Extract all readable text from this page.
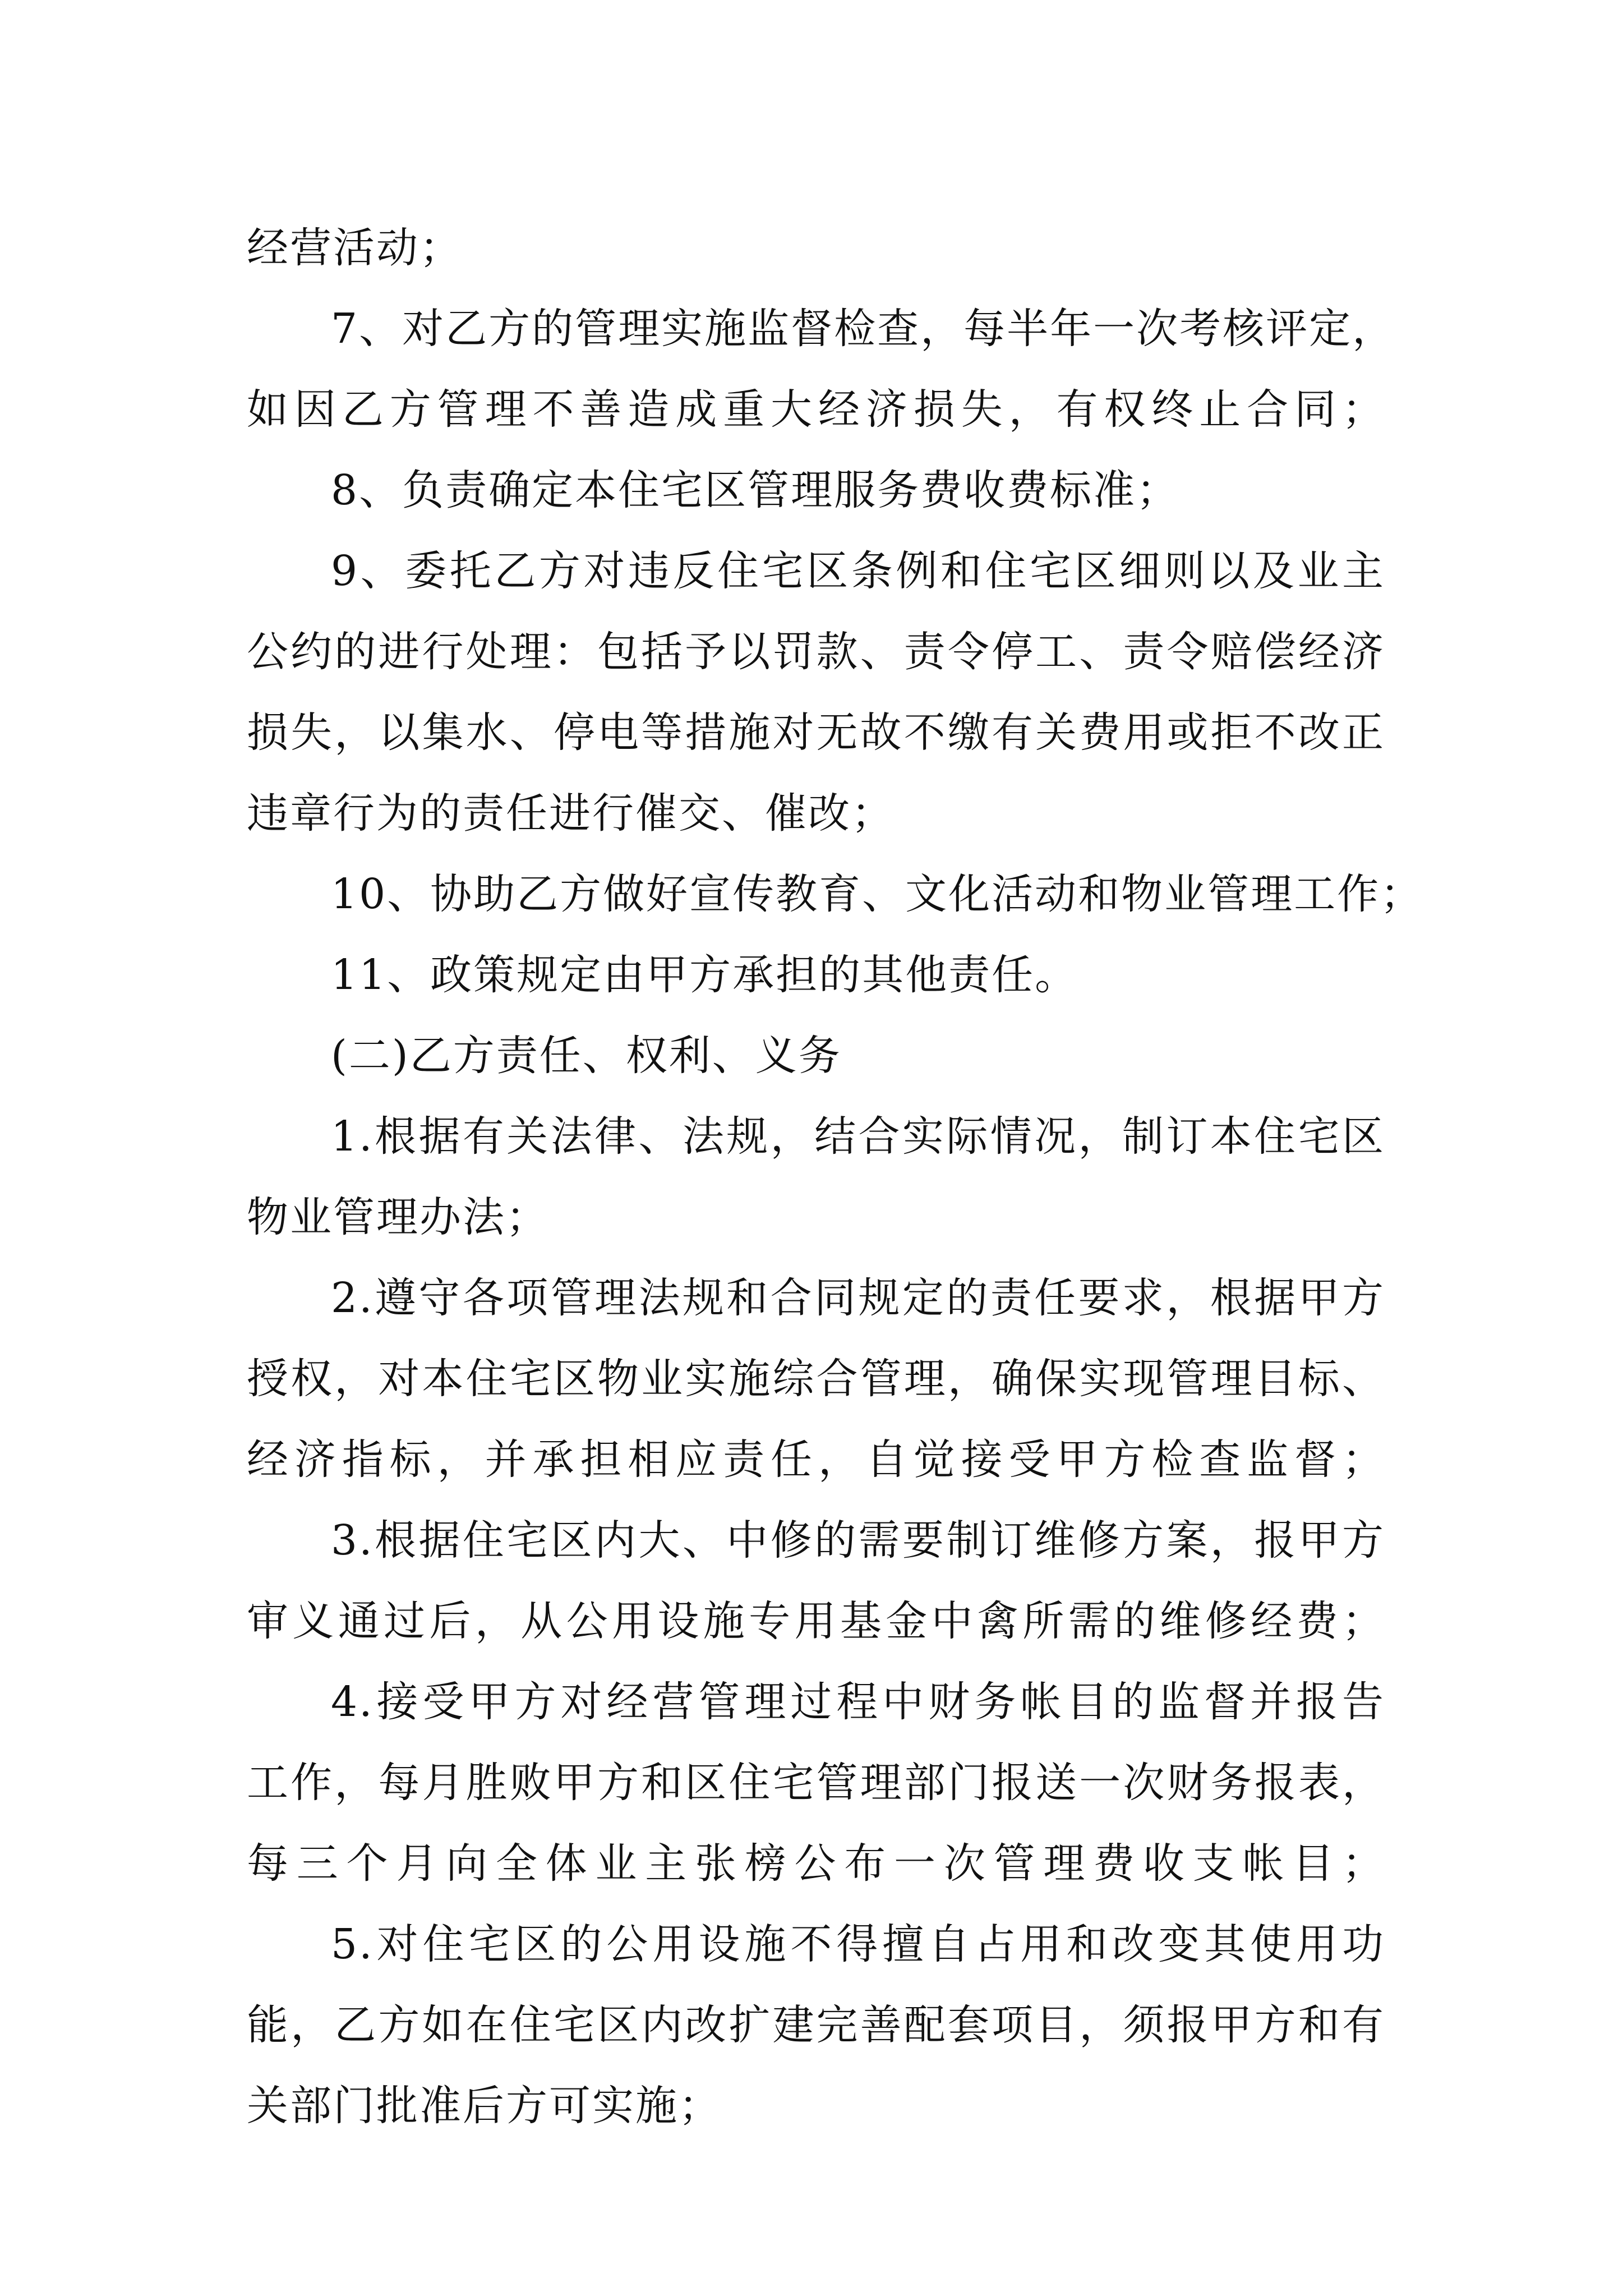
经营活动；
7、对乙方的管理实施监督检查，每半年一次考核评定，
如因乙方管理不善造成重大经济损失，有权终止合同；
8、负责确定本住宅区管理服务费收费标准；
9、委托乙方对违反住宅区条例和住宅区细则以及业主
公约的进行处理：包括予以罚款、责令停工、责令赔偿经济
损失，以集水、停电等措施对无故不缴有关费用或拒不改正
违章行为的责任进行催交、催改；
10、协助乙方做好宣传教育、文化活动和物业管理工作；
11、政策规定由甲方承担的其他责任。
(二)乙方责任、权利、义务
1.根据有关法律、法规，结合实际情况，制订本住宅区
物业管理办法；
2.遵守各项管理法规和合同规定的责任要求，根据甲方
授权，对本住宅区物业实施综合管理，确保实现管理目标、
经济指标，并承担相应责任，自觉接受甲方检查监督；
3.根据住宅区内大、中修的需要制订维修方案，报甲方
审义通过后，从公用设施专用基金中禽所需的维修经费；
4.接受甲方对经营管理过程中财务帐目的监督并报告
工作，每月胜败甲方和区住宅管理部门报送一次财务报表，
每三个月向全体业主张榜公布一次管理费收支帐目；
5.对住宅区的公用设施不得擅自占用和改变其使用功
能，乙方如在住宅区内改扩建完善配套项目，须报甲方和有
关部门批准后方可实施；
